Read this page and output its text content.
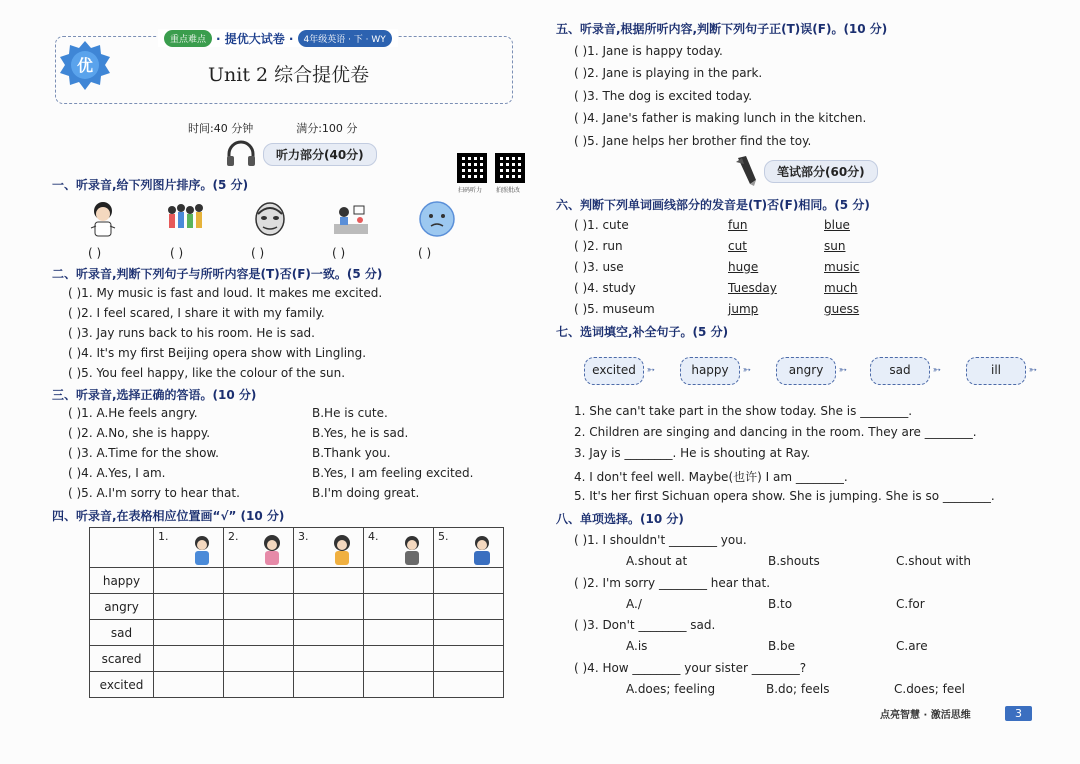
重点难点 · 提优大试卷 ·	4年级英语 · 下 · WY
优	Unit 2 综合提优卷
时间:40 分钟	满分:100 分
听力部分(40分)
扫码听力 拍照批改
一、听录音,给下列图片排序。(5 分)
( )	( )	( )	( )	( )
二、听录音,判断下列句子与所听内容是(T)否(F)一致。(5 分)
( )1. My music is fast and loud. It makes me excited.
( )2. I feel scared, I share it with my family.
( )3. Jay runs back to his room. He is sad.
( )4. It's my first Beijing opera show with Lingling.
( )5. You feel happy, like the colour of the sun.
三、听录音,选择正确的答语。(10 分)
( )1. A.He feels angry.	B.He is cute.
( )2. A.No, she is happy.	B.Yes, he is sad.
( )3. A.Time for the show.	B.Thank you.
( )4. A.Yes, I am.	B.Yes, I am feeling excited.
( )5. A.I'm sorry to hear that.	B.I'm doing great.
四、听录音,在表格相应位置画“√” (10 分)
	1.	2.	3.	4.	5.

happy					
angry					
sad					
scared					
excited					
五、听录音,根据所听内容,判断下列句子正(T)误(F)。(10 分)
( )1. Jane is happy today.
( )2. Jane is playing in the park.
( )3. The dog is excited today.
( )4. Jane's father is making lunch in the kitchen.
( )5. Jane helps her brother find the toy.
笔试部分(60分)
六、判断下列单词画线部分的发音是(T)否(F)相同。(5 分)
( )1. cute	fun	blue
( )2. run	cut	sun
( )3. use	huge	music
( )4. study	Tuesday	much
( )5. museum	jump	guess
七、选词填空,补全句子。(5 分)
excited ➳	happy ➳	angry ➳	sad ➳	ill ➳
1. She can't take part in the show today. She is ________.
2. Children are singing and dancing in the room. They are ________.
3. Jay is ________. He is shouting at Ray.
4. I don't feel well. Maybe(也许) I am ________.
5. It's her first Sichuan opera show. She is jumping. She is so ________.
八、单项选择。(10 分)
( )1. I shouldn't ________ you.
A.shout at	B.shouts	C.shout with
( )2. I'm sorry ________ hear that.
A./	B.to	C.for
( )3. Don't ________ sad.
A.is	B.be	C.are
( )4. How ________ your sister ________?
A.does; feeling	B.do; feels	C.does; feel
点亮智慧 · 激活思维	3
